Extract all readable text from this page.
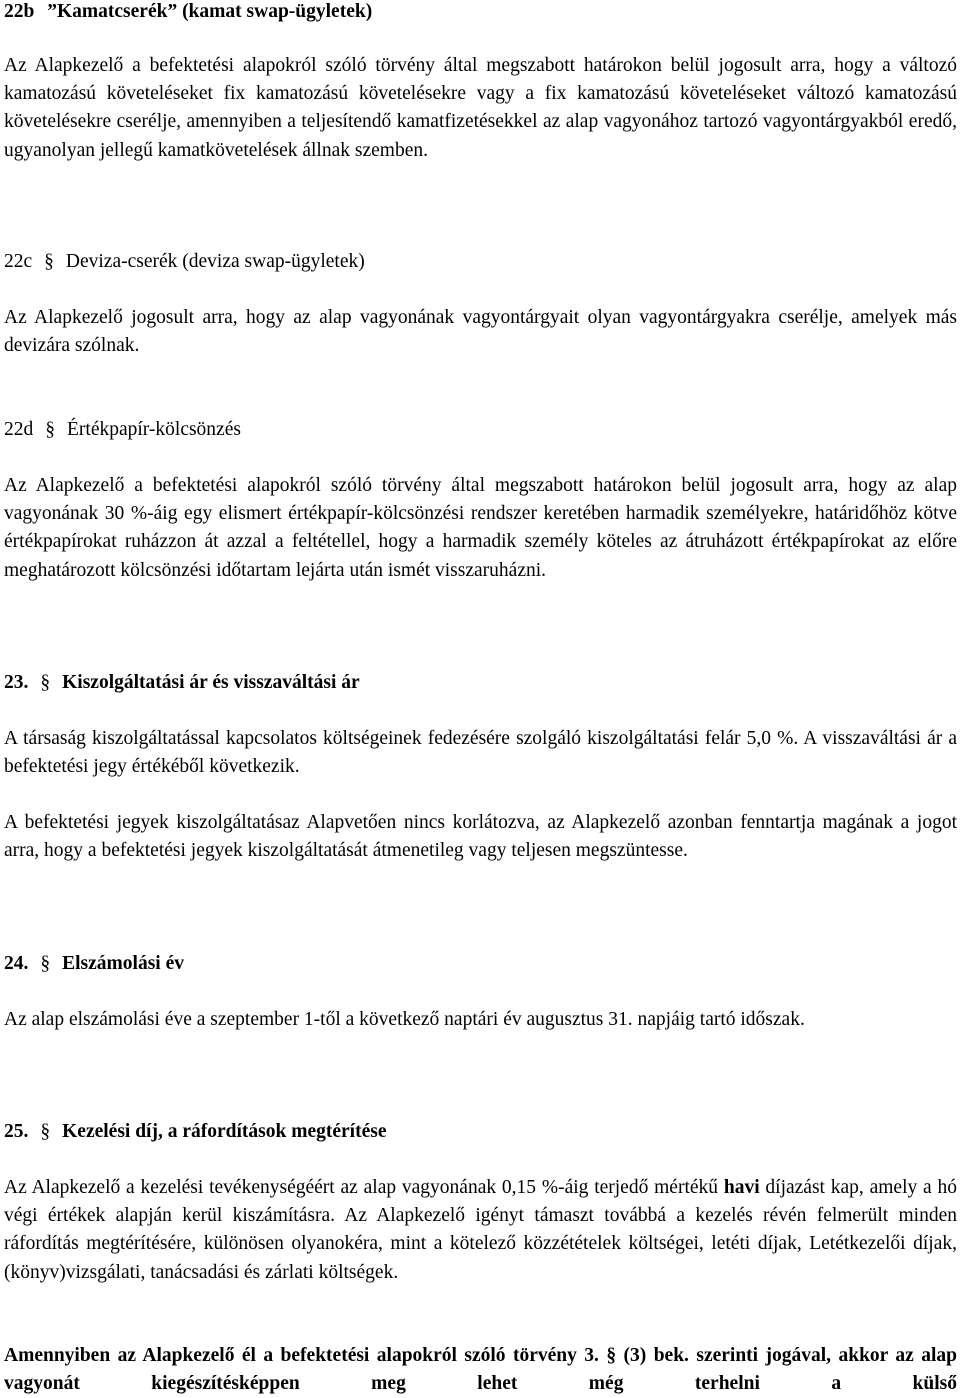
22b ”Kamatcserék” (kamat swap-ügyletek)

Az Alapkezelő a befektetési alapokról szóló törvény által megszabott határokon belül jogosult arra, hogy a változó kamatozású követeléseket fix kamatozású követelésekre vagy a fix kamatozású követeléseket változó kamatozású követelésekre cserélje, amennyiben a teljesítendő kamatfizetésekkel az alap vagyonához tartozó vagyontárgyakból eredő, ugyanolyan jellegű kamatkövetelések állnak szemben.

22c § Deviza-cserék (deviza swap-ügyletek)

Az Alapkezelő jogosult arra, hogy az alap vagyonának vagyontárgyait olyan vagyontárgyakra cserélje, amelyek más devizára szólnak.

22d § Értékpapír-kölcsönzés

Az Alapkezelő a befektetési alapokról szóló törvény által megszabott határokon belül jogosult arra, hogy az alap vagyonának 30 %-áig egy elismert értékpapír-kölcsönzési rendszer keretében harmadik személyekre, határidőhöz kötve értékpapírokat ruházzon át azzal a feltétellel, hogy a harmadik személy köteles az átruházott értékpapírokat az előre meghatározott kölcsönzési időtartam lejárta után ismét visszaruházni.

23. § Kiszolgáltatási ár és visszaváltási ár

A társaság kiszolgáltatással kapcsolatos költségeinek fedezésére szolgáló kiszolgáltatási felár 5,0 %. A visszaváltási ár a befektetési jegy értékéből következik.

A befektetési jegyek kiszolgáltatásaz Alapvetően nincs korlátozva, az Alapkezelő azonban fenntartja magának a jogot arra, hogy a befektetési jegyek kiszolgáltatását átmenetileg vagy teljesen megszüntesse.

24. § Elszámolási év

Az alap elszámolási éve a szeptember 1-től a következő naptári év augusztus 31. napjáig tartó időszak.

25. § Kezelési díj, a ráfordítások megtérítése

Az Alapkezelő a kezelési tevékenységéért az alap vagyonának 0,15 %-áig terjedő mértékű havi díjazást kap, amely a hó végi értékek alapján kerül kiszámításra. Az Alapkezelő igényt támaszt továbbá a kezelés révén felmerült minden ráfordítás megtérítésére, különösen olyanokéra, mint a kötelező közzétételek költségei, letéti díjak, Letétkezelői díjak, (könyv)vizsgálati, tanácsadási és zárlati költségek.

Amennyiben az Alapkezelő él a befektetési alapokról szóló törvény 3. § (3) bek. szerinti jogával, akkor az alap vagyonát kiegészítésképpen meg lehet még terhelni a külső
